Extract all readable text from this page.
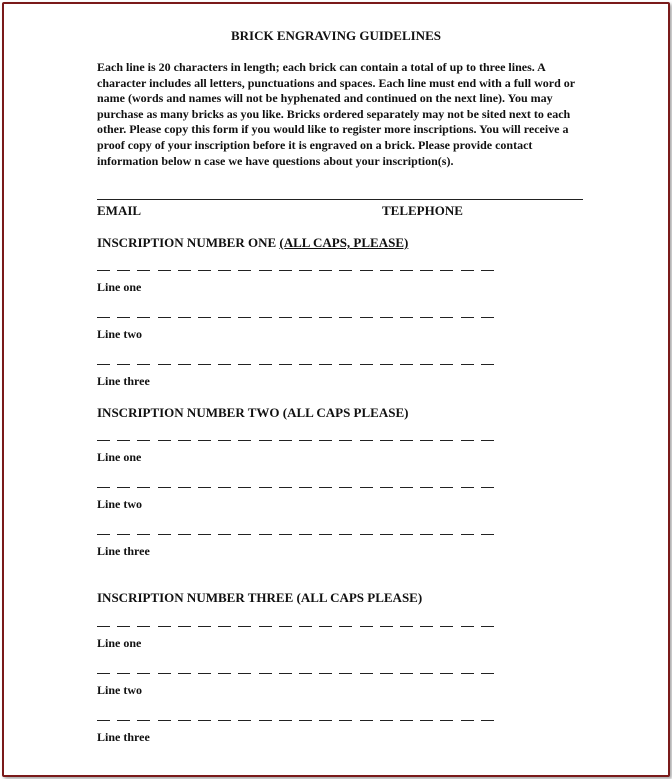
BRICK ENGRAVING GUIDELINES
Each line is 20 characters in length; each brick can contain a total of up to three lines. A character includes all letters, punctuations and spaces. Each line must end with a full word or name (words and names will not be hyphenated and continued on the next line). You may purchase as many bricks as you like. Bricks ordered separately may not be sited next to each other. Please copy this form if you would like to register more inscriptions. You will receive a proof copy of your inscription before it is engraved on a brick. Please provide contact information below n case we have questions about your inscription(s).
EMAIL	TELEPHONE
INSCRIPTION NUMBER ONE (ALL CAPS, PLEASE)
Line one
Line two
Line three
INSCRIPTION NUMBER TWO (ALL CAPS PLEASE)
Line one
Line two
Line three
INSCRIPTION NUMBER THREE (ALL CAPS PLEASE)
Line one
Line two
Line three
